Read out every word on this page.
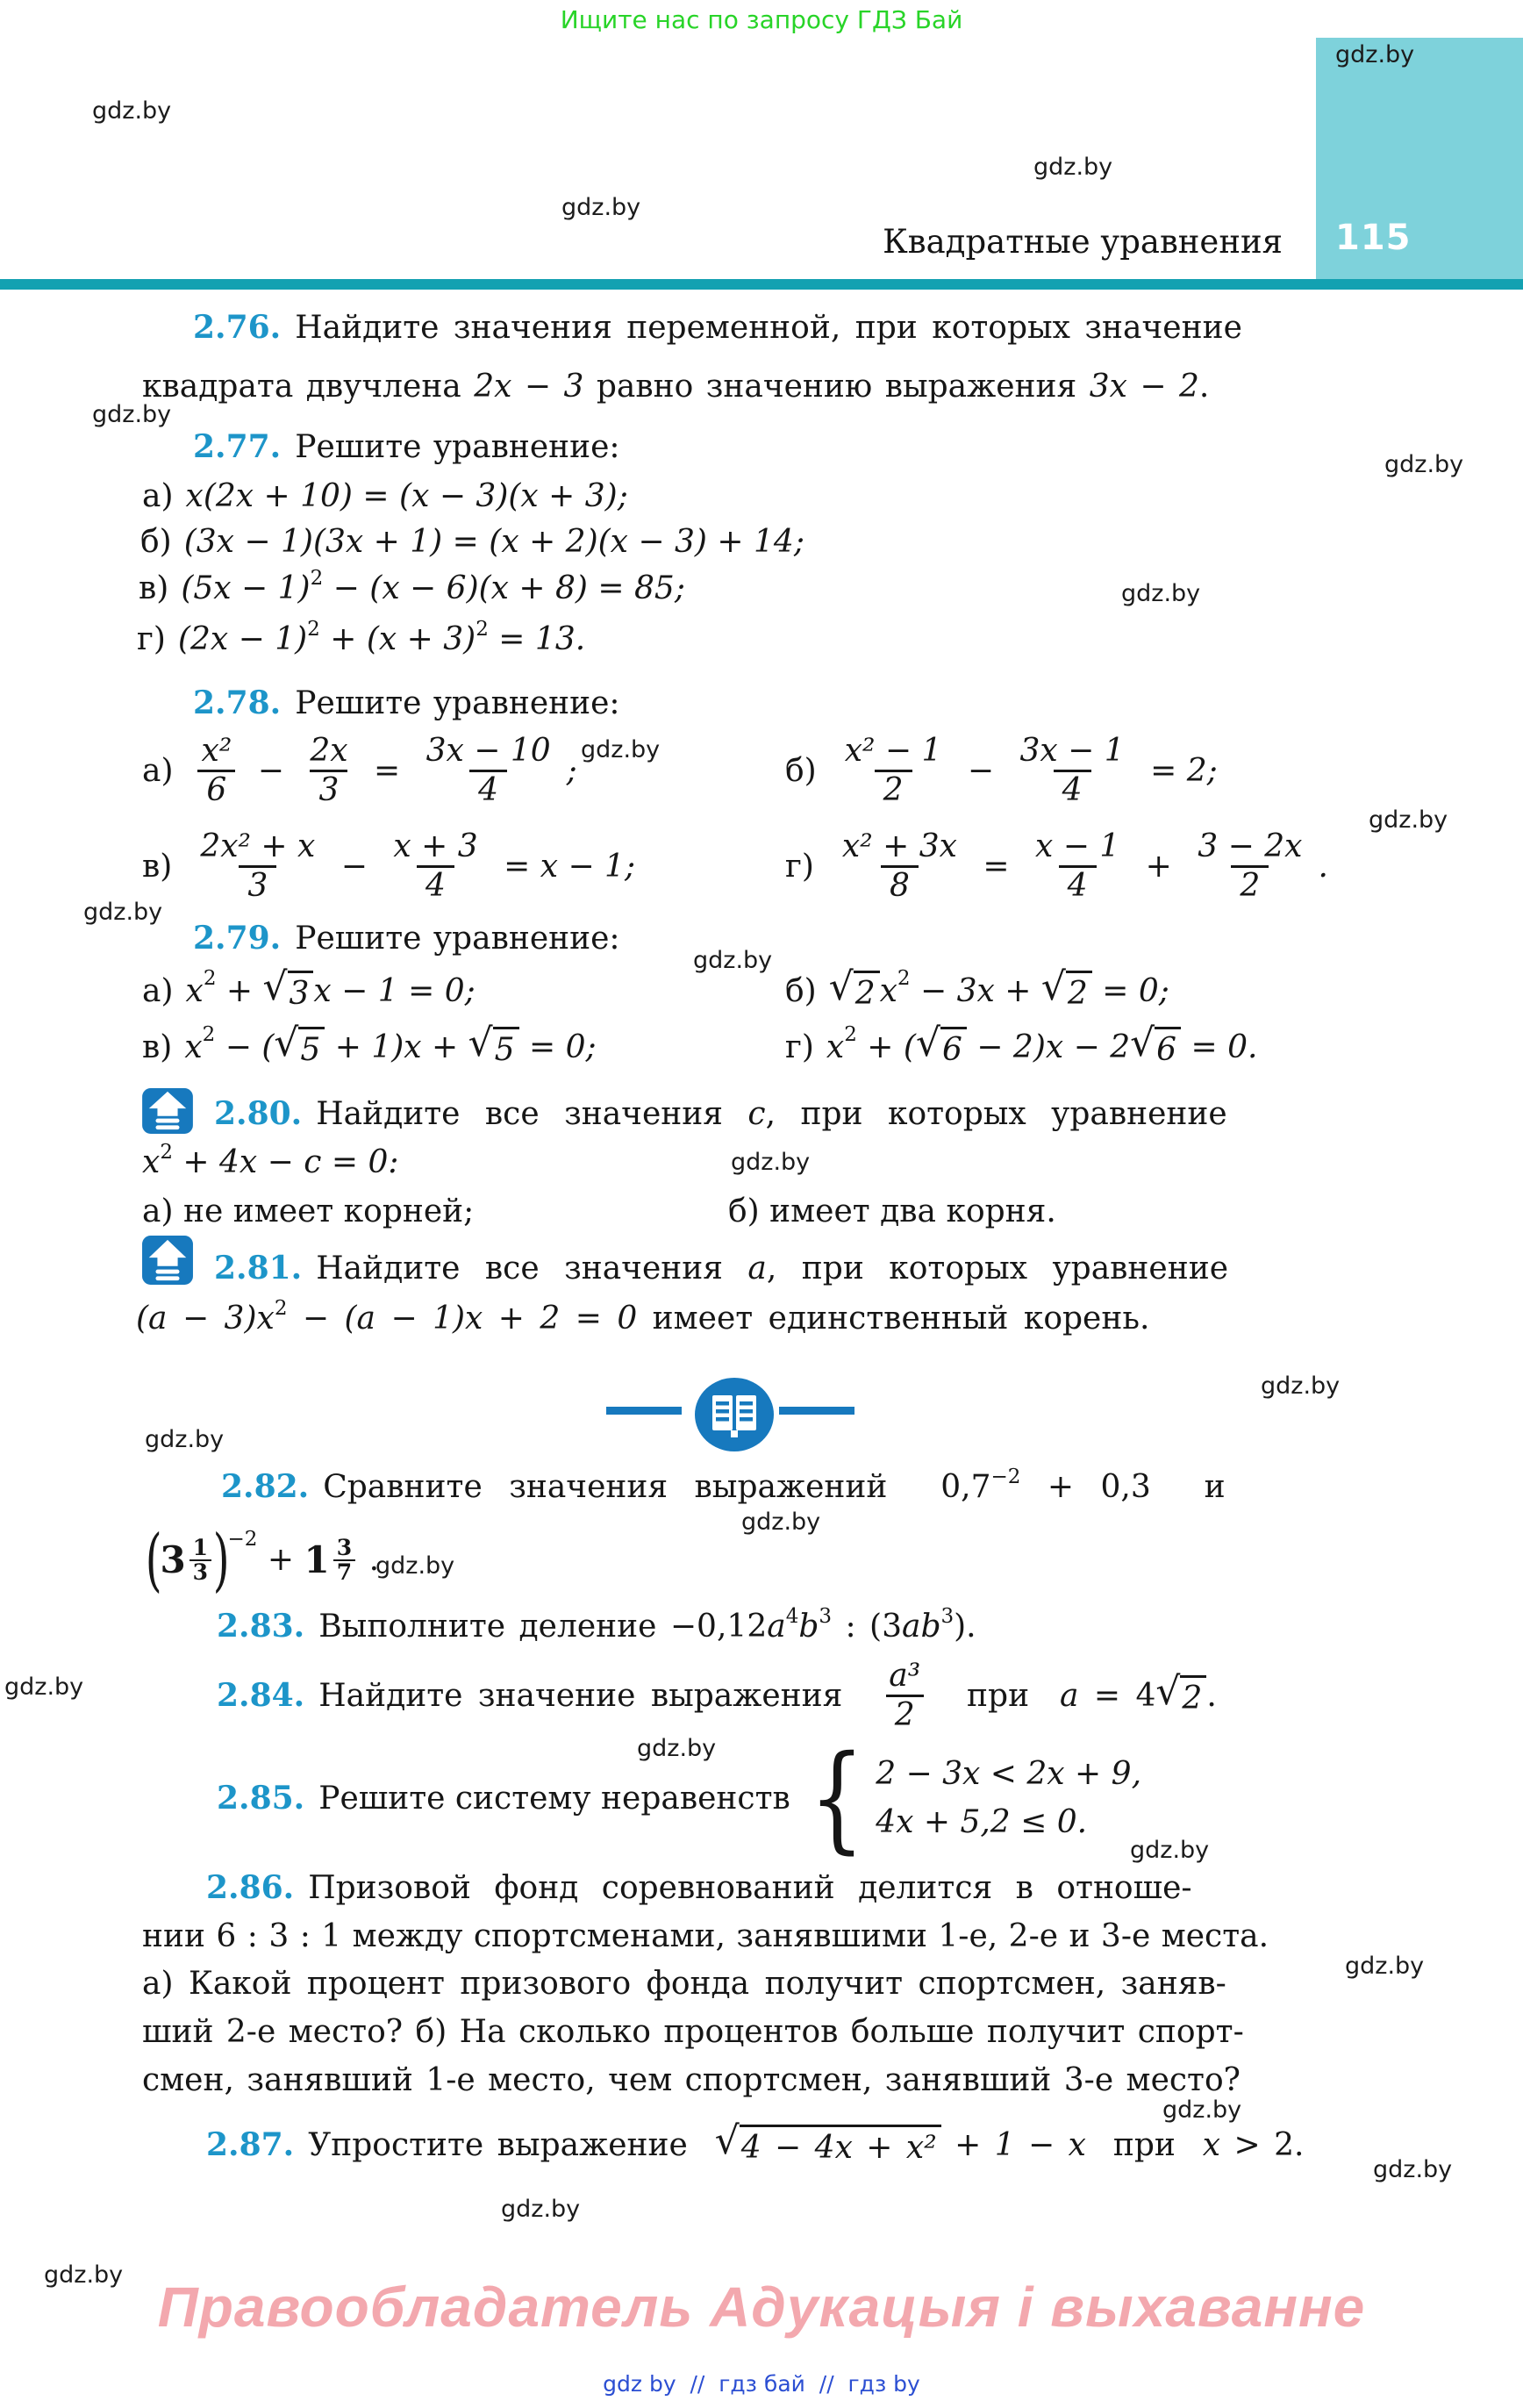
Ищите нас по запросу ГДЗ Бай
gdz.by
115
Квадратные уравнения
gdz.by
gdz.by
gdz.by
gdz.by
gdz.by
gdz.by
gdz.by
gdz.by
gdz.by
gdz.by
gdz.by
gdz.by
gdz.by
gdz.by
gdz.by
gdz.by
gdz.by
gdz.by
gdz.by
gdz.by
gdz.by
gdz.by
gdz.by
2.76. Найдите значения переменной, при которых значение
квадрата двучлена 2x − 3 равно значению выражения 3x − 2 .
2.77. Решите уравнение:
а) x(2x + 10) = (x − 3)(x + 3);
б) (3x − 1)(3x + 1) = (x + 2)(x − 3) + 14;
в) (5x − 1) 2 − (x − 6)(x + 8) = 85;
г) (2x − 1) 2 + (x + 3) 2 = 13.
2.78. Решите уравнение:
$а) \frac{\text{x²}}{6} - \frac{2x}{3} = \frac{3x - 10}{4}$ ;	$б) \frac{\text{x² − 1}}{2} - \frac{3x - 1}{4} = 2$;
$в) \frac{\text{2x² + x}}{3} - \frac{x + 3}{4} = x - 1$;	$г) \frac{\text{x² + 3x}}{8} = \frac{x - 1}{4} + \frac{3 - 2x}{2}$ .
2.79. Решите уравнение:
а) x 2 + √ 3 x − 1 = 0;	б) √ 2 x 2 − 3x + √ 2 = 0;
в) x 2 − ( √ 5 + 1)x + √ 5 = 0;	г) x 2 + ( √ 6 − 2)x − 2 √ 6 = 0.
2.80. Найдите все значения c , при которых уравнение
x 2 + 4x − c = 0:
а) не имеет корней;	б) имеет два корня.
2.81. Найдите все значения a , при которых уравнение
(a − 3)x 2 − (a − 1)x + 2 = 0 имеет единственный корень.
2.82. Сравните значения выражений  0,7 −2 + 0,3  и
(
$3 \frac{1}{3}$ )
−2
+ $1 \frac{3}{7}$ .
2.83. Выполните деление −0,12 a 4 b 3 : (3 ab 3 ).
2.84. Найдите значение выражения $\frac{\text{a³}}{2}$ при a = 4 √ 2 .
2.85. Решите систему неравенств { 2 − 3x < 2x + 9,
4x + 5,2 ≤ 0.
2.86. Призовой фонд соревнований делится в отноше-
нии 6 : 3 : 1 между спортсменами, занявшими 1-е, 2-е и 3-е места.
а) Какой процент призового фонда получит спортсмен, заняв-
ший 2-е место? б) На сколько процентов больше получит спорт-
смен, занявший 1-е место, чем спортсмен, занявший 3-е место?
2.87. Упростите выражение √ 4 − 4x + x² + 1 − x при x > 2.
Правообладатель Адукацыя і выхаванне
gdz by  //  гдз бай  //  гдз by
